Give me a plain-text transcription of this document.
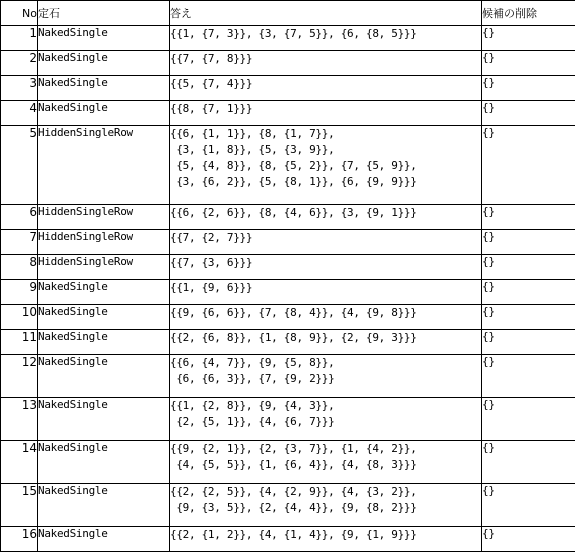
No	定石	答え	候補の削除
1	NakedSingle	{{1, {7, 3}}, {3, {7, 5}}, {6, {8, 5}}}	{}
2	NakedSingle	{{7, {7, 8}}}	{}
3	NakedSingle	{{5, {7, 4}}}	{}
4	NakedSingle	{{8, {7, 1}}}	{}
5	HiddenSingleRow	{{6, {1, 1}}, {8, {1, 7}},
{3, {1, 8}}, {5, {3, 9}},
{5, {4, 8}}, {8, {5, 2}}, {7, {5, 9}},
{3, {6, 2}}, {5, {8, 1}}, {6, {9, 9}}}	{}
6	HiddenSingleRow	{{6, {2, 6}}, {8, {4, 6}}, {3, {9, 1}}}	{}
7	HiddenSingleRow	{{7, {2, 7}}}	{}
8	HiddenSingleRow	{{7, {3, 6}}}	{}
9	NakedSingle	{{1, {9, 6}}}	{}
10	NakedSingle	{{9, {6, 6}}, {7, {8, 4}}, {4, {9, 8}}}	{}
11	NakedSingle	{{2, {6, 8}}, {1, {8, 9}}, {2, {9, 3}}}	{}
12	NakedSingle	{{6, {4, 7}}, {9, {5, 8}},
{6, {6, 3}}, {7, {9, 2}}}	{}
13	NakedSingle	{{1, {2, 8}}, {9, {4, 3}},
{2, {5, 1}}, {4, {6, 7}}}	{}
14	NakedSingle	{{9, {2, 1}}, {2, {3, 7}}, {1, {4, 2}},
{4, {5, 5}}, {1, {6, 4}}, {4, {8, 3}}}	{}
15	NakedSingle	{{2, {2, 5}}, {4, {2, 9}}, {4, {3, 2}},
{9, {3, 5}}, {2, {4, 4}}, {9, {8, 2}}}	{}
16	NakedSingle	{{2, {1, 2}}, {4, {1, 4}}, {9, {1, 9}}}	{}
